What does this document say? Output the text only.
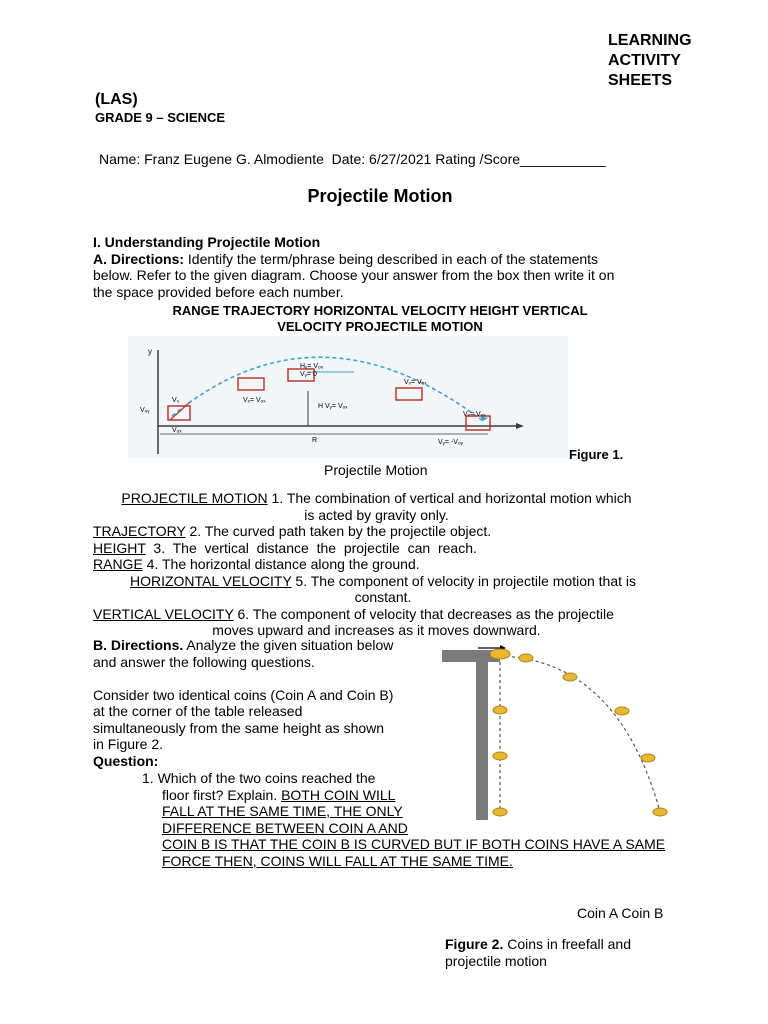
LEARNING
ACTIVITY
SHEETS
(LAS)
GRADE 9 – SCIENCE
Name: Franz Eugene G. Almodiente  Date: 6/27/2021 Rating /Score___________
Projectile Motion
I. Understanding Projectile Motion
A. Directions: Identify the term/phrase being described in each of the statements
below. Refer to the given diagram. Choose your answer from the box then write it on
the space provided before each number.
RANGE TRAJECTORY HORIZONTAL VELOCITY HEIGHT VERTICAL
VELOCITY PROJECTILE MOTION
y
Hₓ= Vₒₓ
Vᵧ= 0
Vₓ= Vₒₓ
Vₓ= Vₒₓ
Vₓ= Vₒₓ
H Vᵧ= Vₒₓ
V₀
Vₒᵧ
Vₒₓ
R	Vᵧ= -Vₒᵧ
Figure 1.
Projectile Motion
PROJECTILE MOTION 1. The combination of vertical and horizontal motion which
is acted by gravity only.
TRAJECTORY 2. The curved path taken by the projectile object.
HEIGHT  3.  The  vertical  distance  the  projectile  can  reach.
RANGE 4. The horizontal distance along the ground.
HORIZONTAL VELOCITY 5. The component of velocity in projectile motion that is
constant.
VERTICAL VELOCITY 6. The component of velocity that decreases as the projectile
moves upward and increases as it moves downward.
B. Directions. Analyze the given situation below
and answer the following questions.
Consider two identical coins (Coin A and Coin B)
at the corner of the table released
simultaneously from the same height as shown
in Figure 2.
Question:
1. Which of the two coins reached the
floor first? Explain. BOTH COIN WILL
FALL AT THE SAME TIME, THE ONLY
DIFFERENCE BETWEEN COIN A AND
COIN B IS THAT THE COIN B IS CURVED BUT IF BOTH COINS HAVE A SAME
FORCE THEN, COINS WILL FALL AT THE SAME TIME.
Coin A Coin B
Figure 2. Coins in freefall and
projectile motion
